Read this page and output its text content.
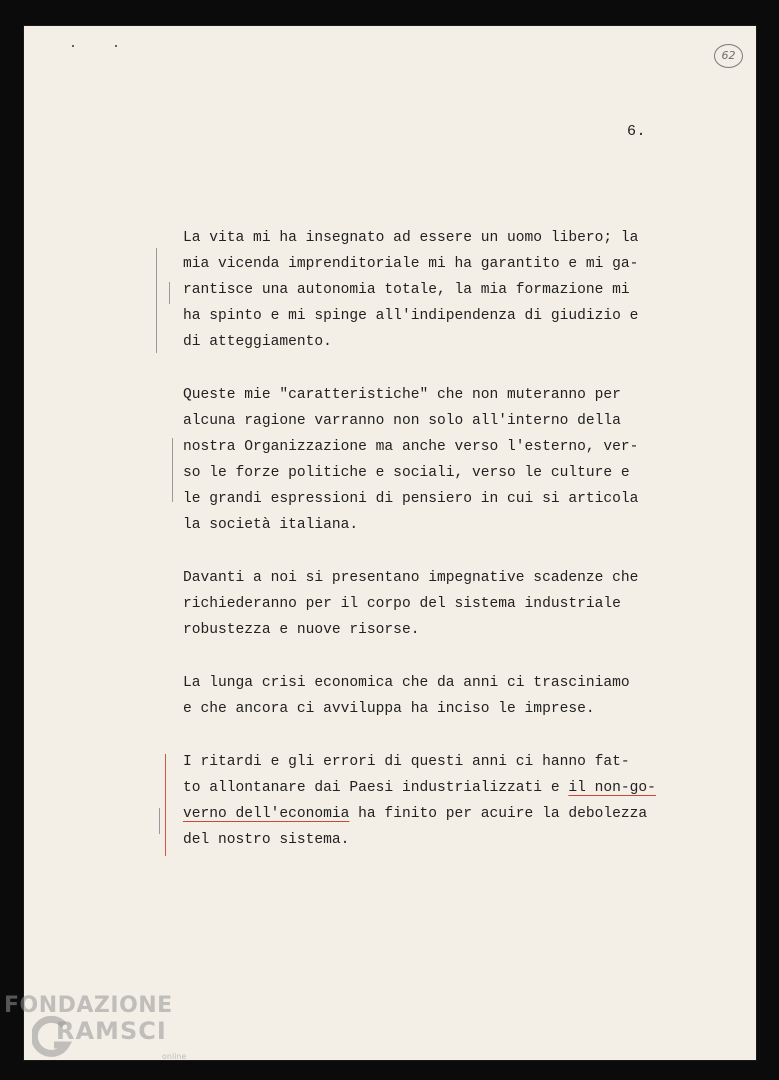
62
6.
La vita mi ha insegnato ad essere un uomo libero; la
mia vicenda imprenditoriale mi ha garantito e mi ga-
rantisce una autonomia totale, la mia formazione mi
ha spinto e mi spinge all'indipendenza di giudizio e
di atteggiamento.
Queste mie "caratteristiche" che non muteranno per
alcuna ragione varranno non solo all'interno della
nostra Organizzazione ma anche verso l'esterno, ver-
so le forze politiche e sociali, verso le culture e
le grandi espressioni di pensiero in cui si articola
la società italiana.
Davanti a noi si presentano impegnative scadenze che
richiederanno per il corpo del sistema industriale
robustezza e nuove risorse.
La lunga crisi economica che da anni ci trasciniamo
e che ancora ci avviluppa ha inciso le imprese.
I ritardi e gli errori di questi anni ci hanno fat-
to allontanare dai Paesi industrializzati e il non-go-
verno dell'economia ha finito per acuire la debolezza
del nostro sistema.
FONDAZIONE
RAMSCI
online
